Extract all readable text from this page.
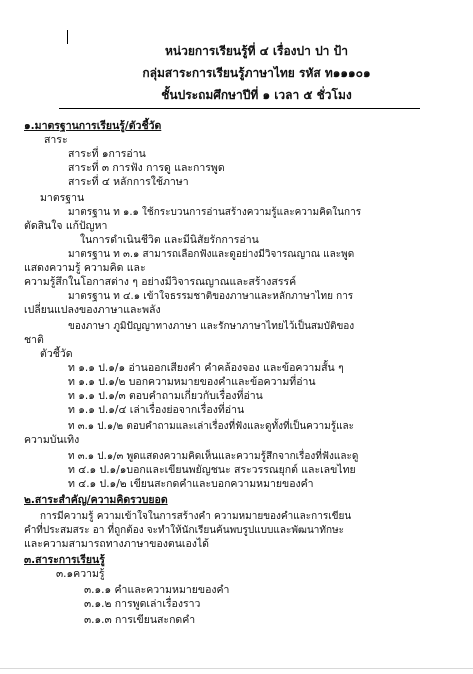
หน่วยการเรียนรู้ที่ ๔ เรื่องปา ปา ป้า
กลุ่มสาระการเรียนรู้ภาษาไทย รหัส ท๑๑๑๐๑
ชั้นประถมศึกษาปีที่ ๑ เวลา ๕ ชั่วโมง
๑.มาตรฐานการเรียนรู้/ตัวชี้วัด
สาระ
สาระที่ ๑การอ่าน
สาระที่ ๓ การฟัง การดู และการพูด
สาระที่ ๔ หลักการใช้ภาษา
มาตรฐาน
มาตรฐาน ท ๑.๑ ใช้กระบวนการอ่านสร้างความรู้และความคิดในการ
ตัดสินใจ แก้ปัญหา
ในการดำเนินชีวิต และมีนิสัยรักการอ่าน
มาตรฐาน ท ๓.๑ สามารถเลือกฟังและดูอย่างมีวิจารณญาณ และพูด
แสดงความรู้ ความคิด และ
ความรู้สึกในโอกาสต่าง ๆ อย่างมีวิจารณญาณและสร้างสรรค์
มาตรฐาน ท ๔.๑ เข้าใจธรรมชาติของภาษาและหลักภาษาไทย การ
เปลี่ยนแปลงของภาษาและพลัง
ของภาษา ภูมิปัญญาทางภาษา และรักษาภาษาไทยไว้เป็นสมบัติของ
ชาติ
ตัวชี้วัด
ท ๑.๑ ป.๑/๑ อ่านออกเสียงคำ คำคล้องจอง และข้อความสั้น ๆ
ท ๑.๑ ป.๑/๒ บอกความหมายของคำและข้อความที่อ่าน
ท ๑.๑ ป.๑/๓ ตอบคำถามเกี่ยวกับเรื่องที่อ่าน
ท ๑.๑ ป.๑/๔ เล่าเรื่องย่อจากเรื่องที่อ่าน
ท ๓.๑ ป.๑/๒ ตอบคำถามและเล่าเรื่องที่ฟังและดูทั้งที่เป็นความรู้และ
ความบันเทิง
ท ๓.๑ ป.๑/๓ พูดแสดงความคิดเห็นและความรู้สึกจากเรื่องที่ฟังและดู
ท ๔.๑ ป.๑/๑บอกและเขียนพยัญชนะ สระวรรณยุกต์ และเลขไทย
ท ๔.๑ ป.๑/๒ เขียนสะกดคำและบอกความหมายของคำ
๒.สาระสำคัญ/ความคิดรวบยอด
การมีความรู้ ความเข้าใจในการสร้างคำ ความหมายของคำและการเขียน
คำที่ประสมสระ อา ที่ถูกต้อง จะทำให้นักเรียนค้นพบรูปแบบและพัฒนาทักษะ
และความสามารถทางภาษาของตนเองได้
๓.สาระการเรียนรู้
๓.๑ความรู้
๓.๑.๑ คำและความหมายของคำ
๓.๑.๒ การพูดเล่าเรื่องราว
๓.๑.๓ การเขียนสะกดคำ
